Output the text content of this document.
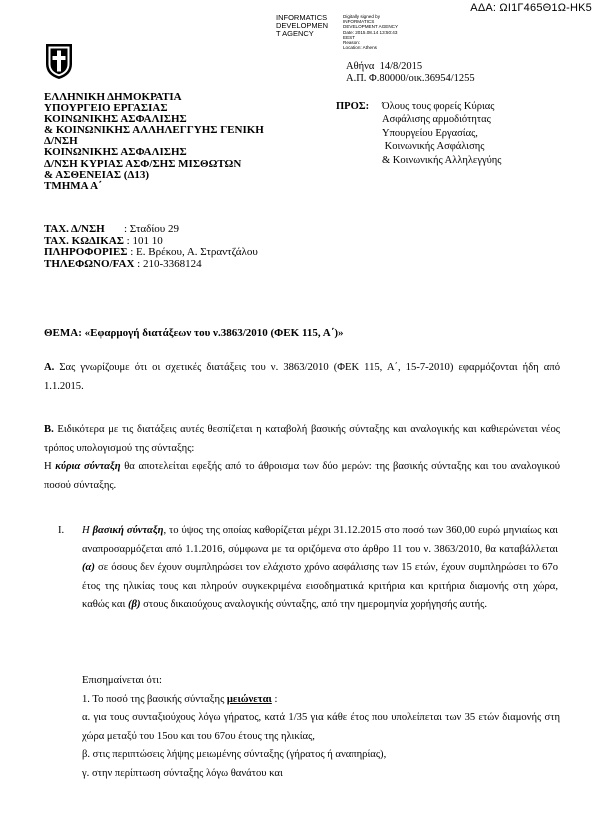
ΑΔΑ: ΩΙ1Γ465Θ1Ω-ΗΚ5
INFORMATICS
DEVELOPMEN
T AGENCY
Digitally signed by
INFORMATICS
DEVELOPMENT AGENCY
Date: 2015.08.14 13:50:43
EEST
Reason:
Location: Athens
ΕΛΛΗΝΙΚΗ ΔΗΜΟΚΡΑΤΙΑ
ΥΠΟΥΡΓΕΙΟ ΕΡΓΑΣΙΑΣ
ΚΟΙΝΩΝΙΚΗΣ ΑΣΦΑΛΙΣΗΣ
& ΚΟΙΝΩΝΙΚΗΣ ΑΛΛΗΛΕΓΓΥΗΣ ΓΕΝΙΚΗ
Δ/ΝΣΗ
ΚΟΙΝΩΝΙΚΗΣ ΑΣΦΑΛΙΣΗΣ
Δ/ΝΣΗ ΚΥΡΙΑΣ ΑΣΦ/ΣΗΣ ΜΙΣΘΩΤΩΝ
& ΑΣΘΕΝΕΙΑΣ (Δ13)
ΤΜΗΜΑ Α΄
ΤΑΧ. Δ/ΝΣΗ : Σταδίου 29
ΤΑΧ. ΚΩΔΙΚΑΣ : 101 10
ΠΛΗΡΟΦΟΡΙΕΣ : Ε. Βρέκου, Α. Στραντζάλου
ΤΗΛΕΦΩΝΟ/FAX : 210-3368124
Αθήνα  14/8/2015
Α.Π. Φ.80000/οικ.36954/1255
ΠΡΟΣ:	Όλους τους φορείς Κύριας
Ασφάλισης αρμοδιότητας
Υπουργείου Εργασίας,
Κοινωνικής Ασφάλισης
& Κοινωνικής Αλληλεγγύης
ΘΕΜΑ: «Εφαρμογή διατάξεων του ν.3863/2010 (ΦΕΚ 115, Α΄)»
Α. Σας γνωρίζουμε ότι οι σχετικές διατάξεις του ν. 3863/2010 (ΦΕΚ 115, Α΄, 15-7-2010) εφαρμόζονται ήδη από 1.1.2015.
Β. Ειδικότερα με τις διατάξεις αυτές θεσπίζεται η καταβολή βασικής σύνταξης και αναλογικής και καθιερώνεται νέος τρόπος υπολογισμού της σύνταξης:
Η κύρια σύνταξη θα αποτελείται εφεξής από το άθροισμα των δύο μερών: της βασικής σύνταξης και του αναλογικού ποσού σύνταξης.
I.	Η βασική σύνταξη, το ύψος της οποίας καθορίζεται μέχρι 31.12.2015 στο ποσό των 360,00 ευρώ μηνιαίως και αναπροσαρμόζεται από 1.1.2016, σύμφωνα με τα οριζόμενα στο άρθρο 11 του ν. 3863/2010, θα καταβάλλεται (α) σε όσους δεν έχουν συμπληρώσει τον ελάχιστο χρόνο ασφάλισης των 15 ετών, έχουν συμπληρώσει το 67ο έτος της ηλικίας τους και πληρούν συγκεκριμένα εισοδηματικά κριτήρια και κριτήρια διαμονής στη χώρα, καθώς και (β) στους δικαιούχους αναλογικής σύνταξης, από την ημερομηνία χορήγησής αυτής.

Επισημαίνεται ότι:

1. Το ποσό της βασικής σύνταξης μειώνεται :

α. για τους συνταξιούχους λόγω γήρατος, κατά 1/35 για κάθε έτος που υπολείπεται των 35 ετών διαμονής στη χώρα μεταξύ του 15ου και του 67ου έτους της ηλικίας,

β. στις περιπτώσεις λήψης μειωμένης σύνταξης (γήρατος ή αναπηρίας),

γ. στην περίπτωση σύνταξης λόγω θανάτου και
